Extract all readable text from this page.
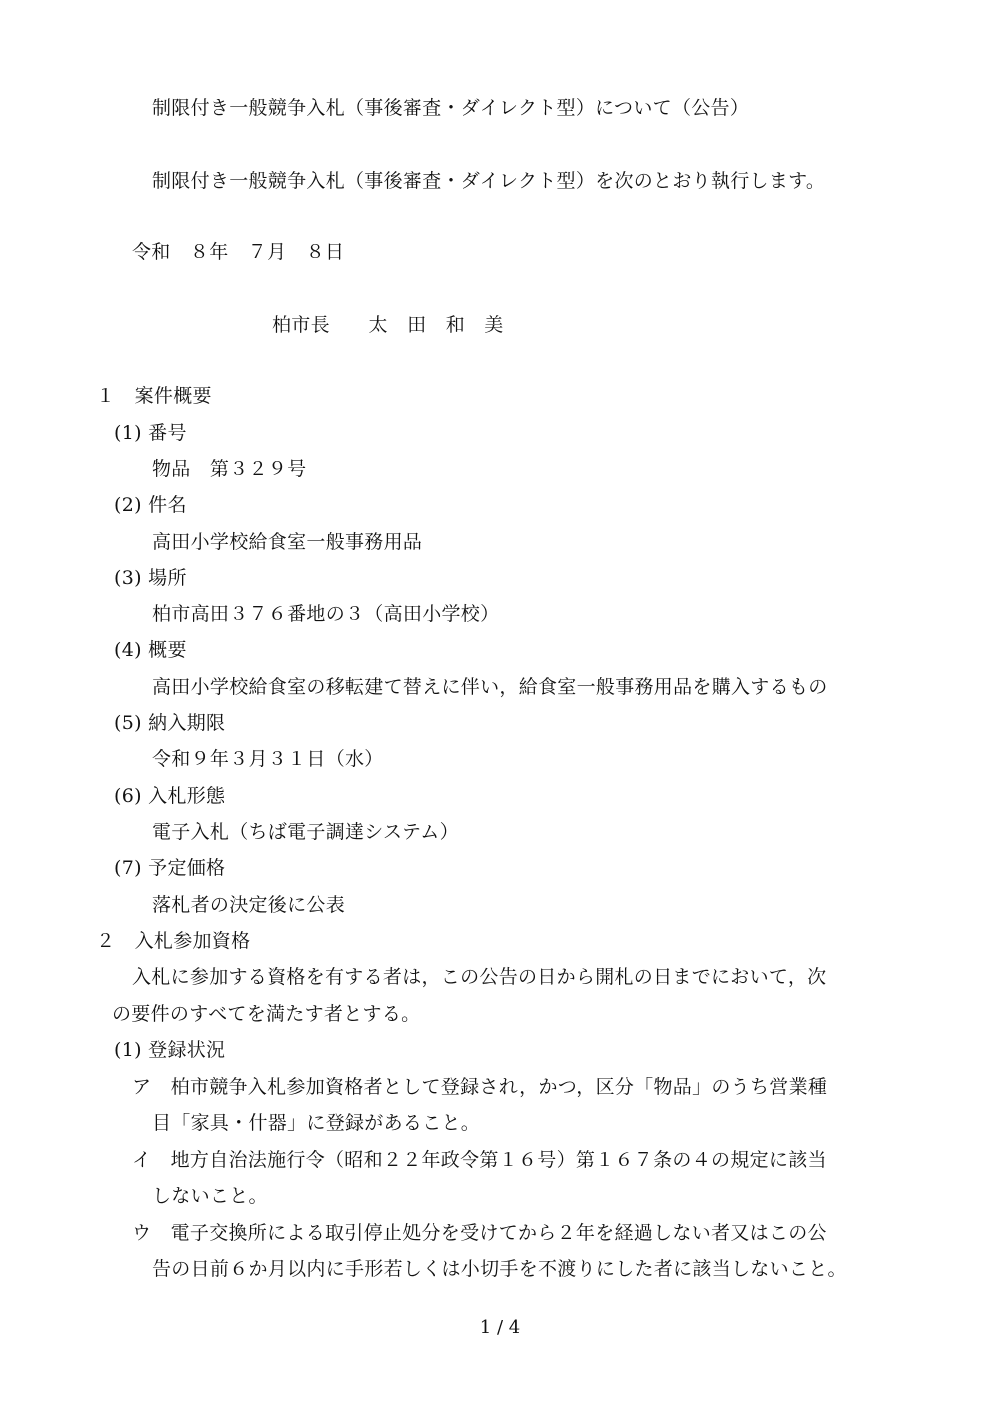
制限付き一般競争入札（事後審査・ダイレクト型）について（公告）
制限付き一般競争入札（事後審査・ダイレクト型）を次のとおり執行します。
令和　８年　７月　８日
柏市長　　太　田　和　美
１　案件概要
(1) 番号
物品　第３２９号
(2) 件名
高田小学校給食室一般事務用品
(3) 場所
柏市高田３７６番地の３（高田小学校）
(4) 概要
高田小学校給食室の移転建て替えに伴い，給食室一般事務用品を購入するもの
(5) 納入期限
令和９年３月３１日（水）
(6) 入札形態
電子入札（ちば電子調達システム）
(7) 予定価格
落札者の決定後に公表
２　入札参加資格
入札に参加する資格を有する者は，この公告の日から開札の日までにおいて，次
の要件のすべてを満たす者とする。
(1) 登録状況
ア　柏市競争入札参加資格者として登録され，かつ，区分「物品」のうち営業種
目「家具・什器」に登録があること。
イ　地方自治法施行令（昭和２２年政令第１６号）第１６７条の４の規定に該当
しないこと。
ウ　電子交換所による取引停止処分を受けてから２年を経過しない者又はこの公
告の日前６か月以内に手形若しくは小切手を不渡りにした者に該当しないこと。
1 / 4
